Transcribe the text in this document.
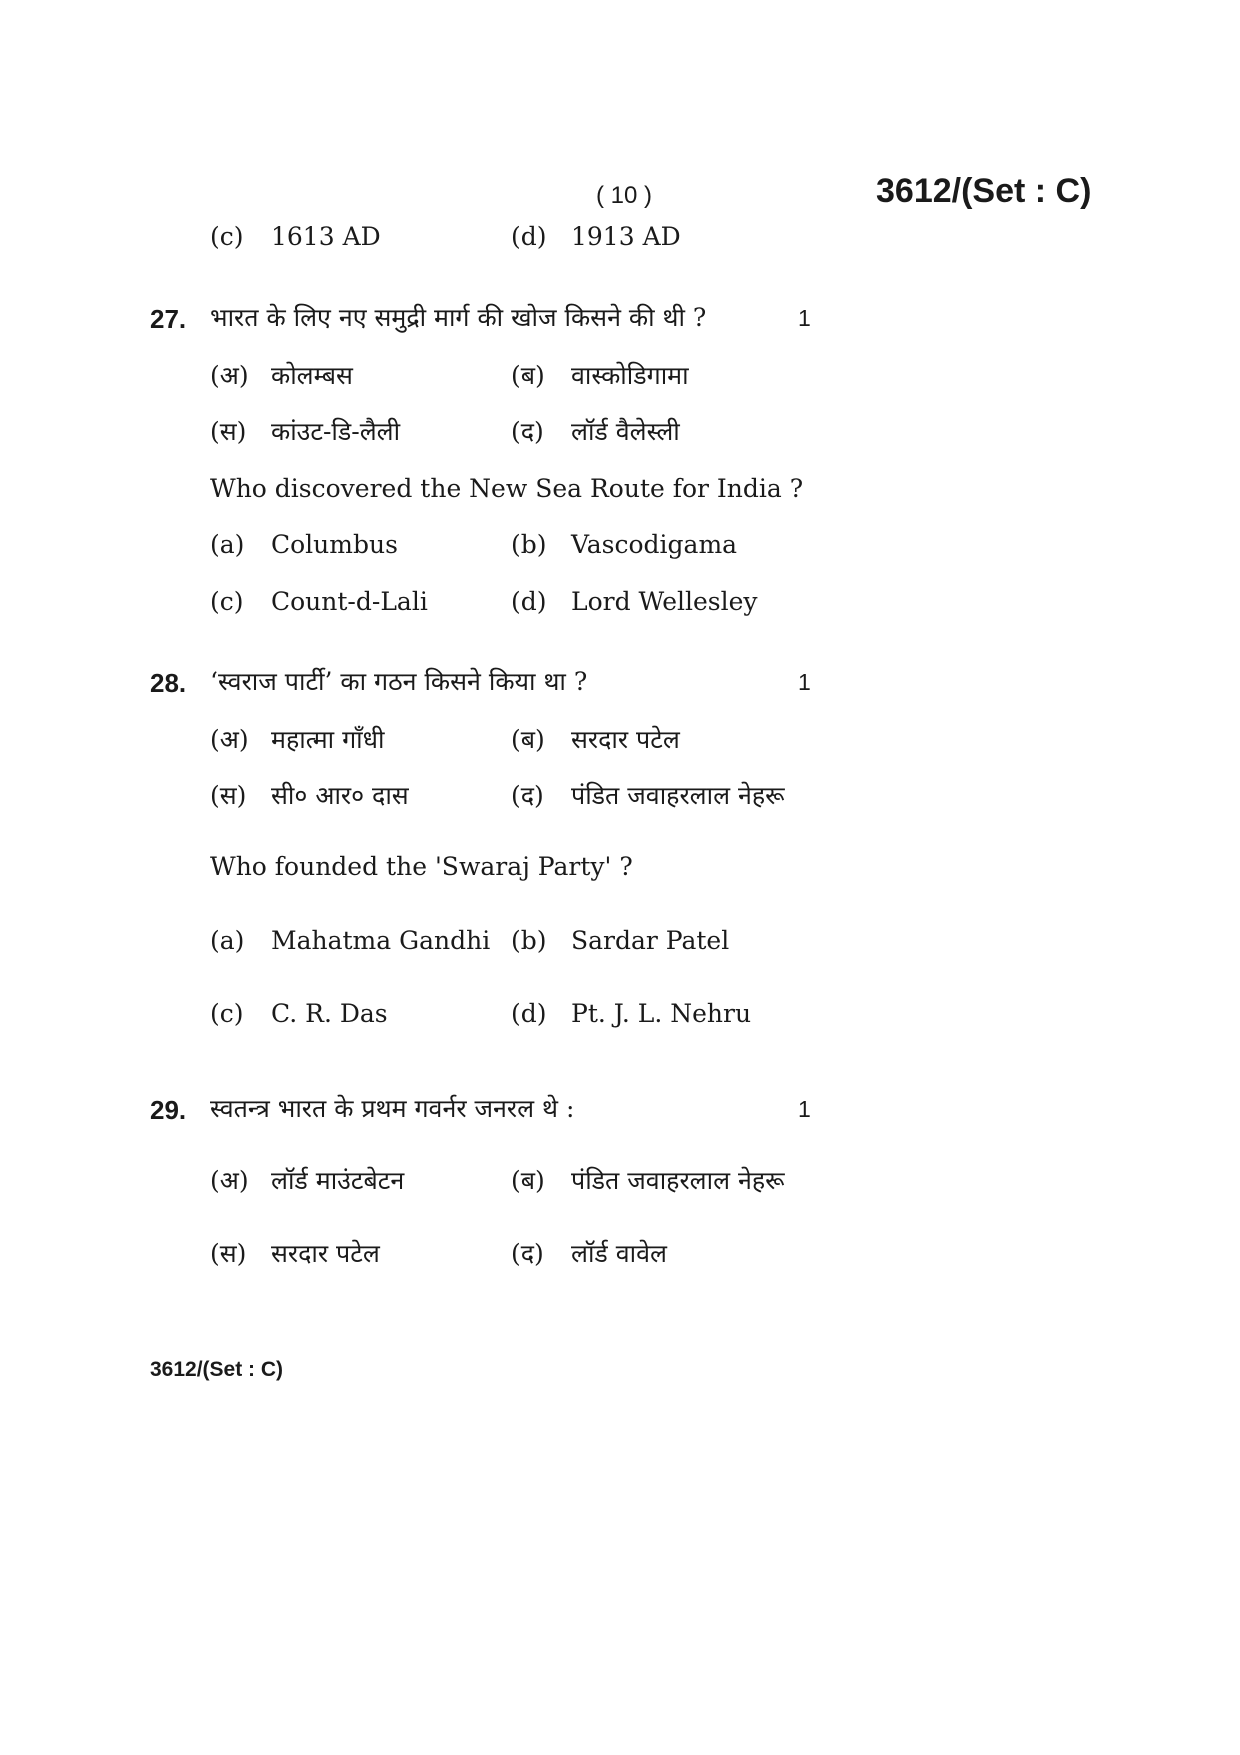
( 10 )	3612/(Set : C)
(c) 1613 AD	(d) 1913 AD
27. भारत के लिए नए समुद्री मार्ग की खोज किसने की थी ?	1
(अ) कोलम्बस	(ब) वास्कोडिगामा
(स) कांउट-डि-लैली	(द) लॉर्ड वैलेस्ली
Who discovered the New Sea Route for India ?
(a) Columbus	(b) Vascodigama
(c) Count-d-Lali	(d) Lord Wellesley
28. ‘स्वराज पार्टी’ का गठन किसने किया था ?	1
(अ) महात्मा गाँधी	(ब) सरदार पटेल
(स) सी० आर० दास	(द) पंडित जवाहरलाल नेहरू
Who founded the 'Swaraj Party' ?
(a) Mahatma Gandhi (b) Sardar Patel
(c) C. R. Das	(d) Pt. J. L. Nehru
29. स्वतन्त्र भारत के प्रथम गवर्नर जनरल थे :	1
(अ) लॉर्ड माउंटबेटन	(ब) पंडित जवाहरलाल नेहरू
(स) सरदार पटेल	(द) लॉर्ड वावेल
3612/(Set : C)
